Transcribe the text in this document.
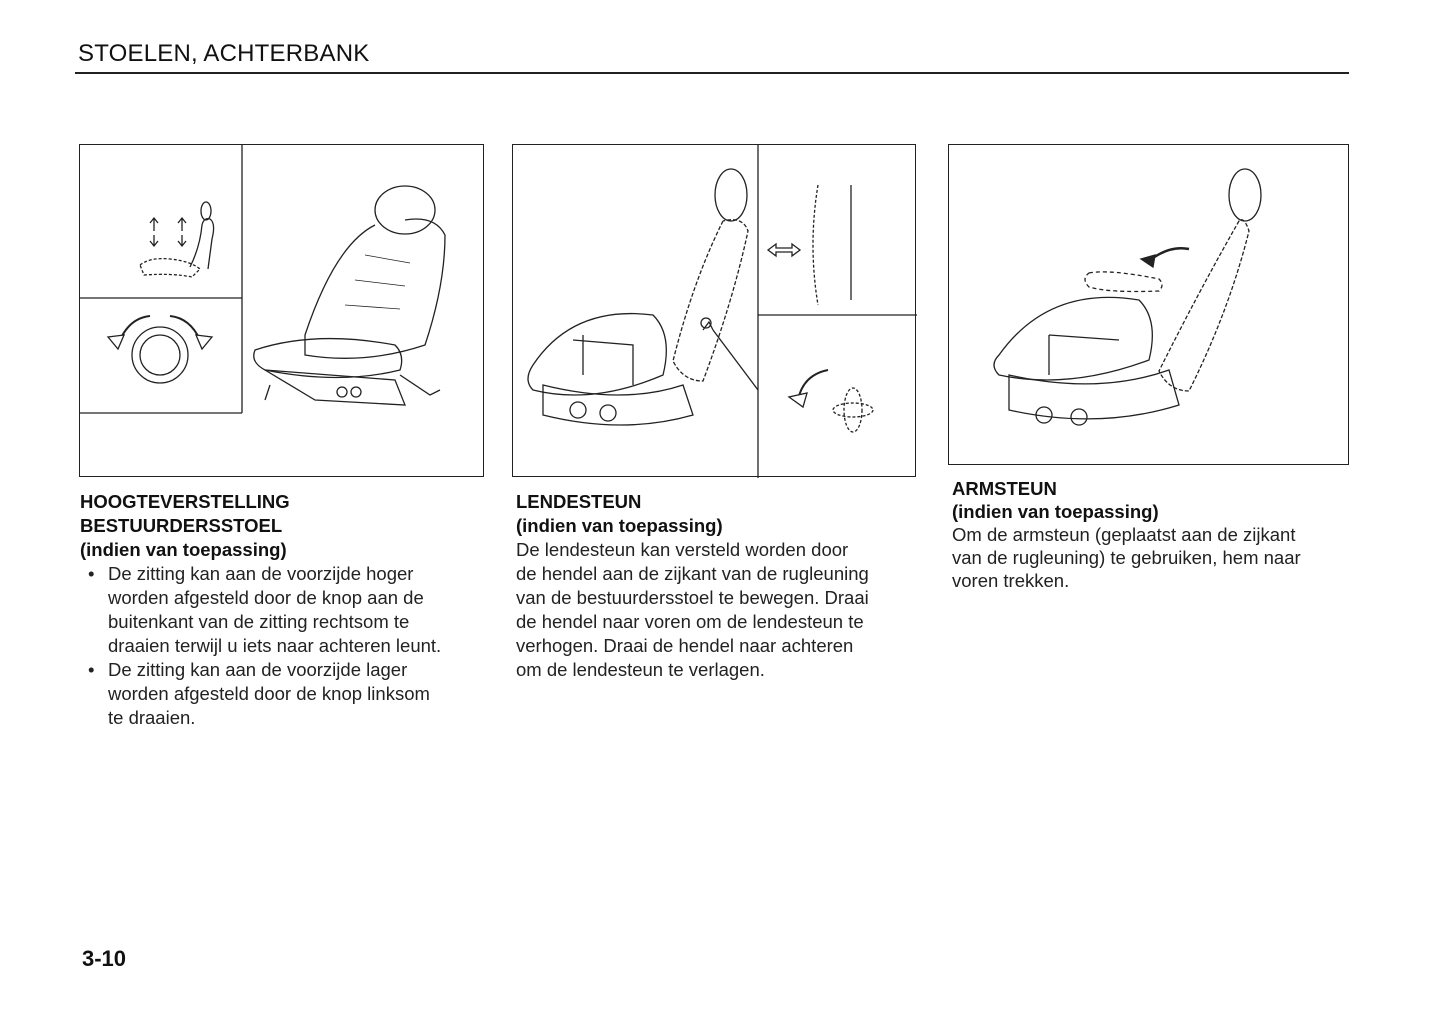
STOELEN, ACHTERBANK
HOOGTEVERSTELLING
BESTUURDERSSTOEL
(indien van toepassing)
• De zitting kan aan de voorzijde hoger
worden afgesteld door de knop aan de
buitenkant van de zitting rechtsom te
draaien terwijl u iets naar achteren leunt.
• De zitting kan aan de voorzijde lager
worden afgesteld door de knop linksom
te draaien.
LENDESTEUN
(indien van toepassing)
De lendesteun kan versteld worden door
de hendel aan de zijkant van de rugleuning
van de bestuurdersstoel te bewegen. Draai
de hendel naar voren om de lendesteun te
verhogen. Draai de hendel naar achteren
om de lendesteun te verlagen.
ARMSTEUN
(indien van toepassing)
Om de armsteun (geplaatst aan de zijkant
van de rugleuning) te gebruiken, hem naar
voren trekken.
3-10
